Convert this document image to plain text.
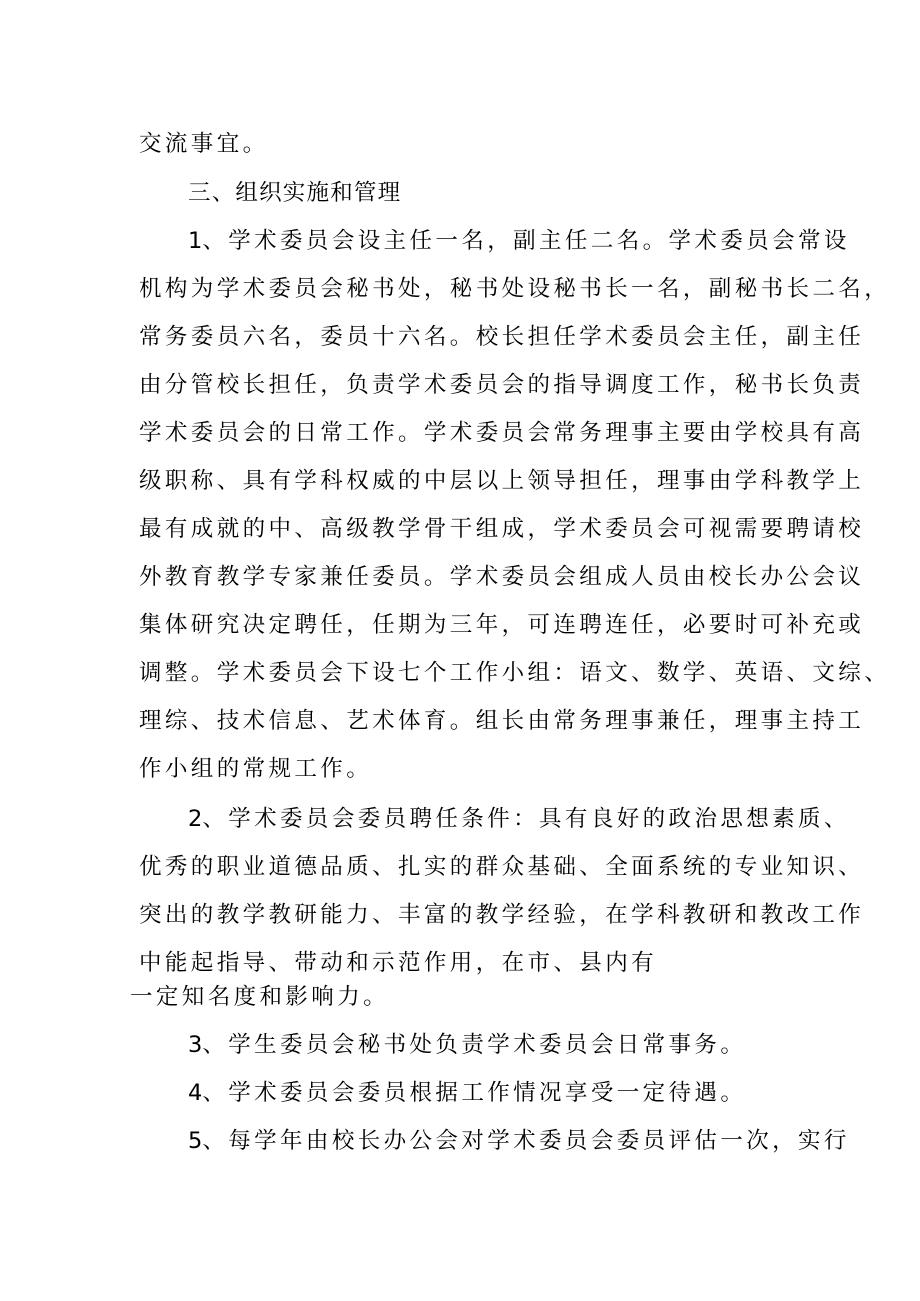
交流事宜。
三、组织实施和管理
1、学术委员会设主任一名，副主任二名。学术委员会常设
机构为学术委员会秘书处，秘书处设秘书长一名，副秘书长二名，
常务委员六名，委员十六名。校长担任学术委员会主任，副主任
由分管校长担任，负责学术委员会的指导调度工作，秘书长负责
学术委员会的日常工作。学术委员会常务理事主要由学校具有高
级职称、具有学科权威的中层以上领导担任，理事由学科教学上
最有成就的中、高级教学骨干组成，学术委员会可视需要聘请校
外教育教学专家兼任委员。学术委员会组成人员由校长办公会议
集体研究决定聘任，任期为三年，可连聘连任，必要时可补充或
调整。学术委员会下设七个工作小组：语文、数学、英语、文综、
理综、技术信息、艺术体育。组长由常务理事兼任，理事主持工
作小组的常规工作。
2、学术委员会委员聘任条件：具有良好的政治思想素质、
优秀的职业道德品质、扎实的群众基础、全面系统的专业知识、
突出的教学教研能力、丰富的教学经验，在学科教研和教改工作
中能起指导、带动和示范作用，在市、县内有
一定知名度和影响力。
3、学生委员会秘书处负责学术委员会日常事务。
4、学术委员会委员根据工作情况享受一定待遇。
5、每学年由校长办公会对学术委员会委员评估一次，实行
